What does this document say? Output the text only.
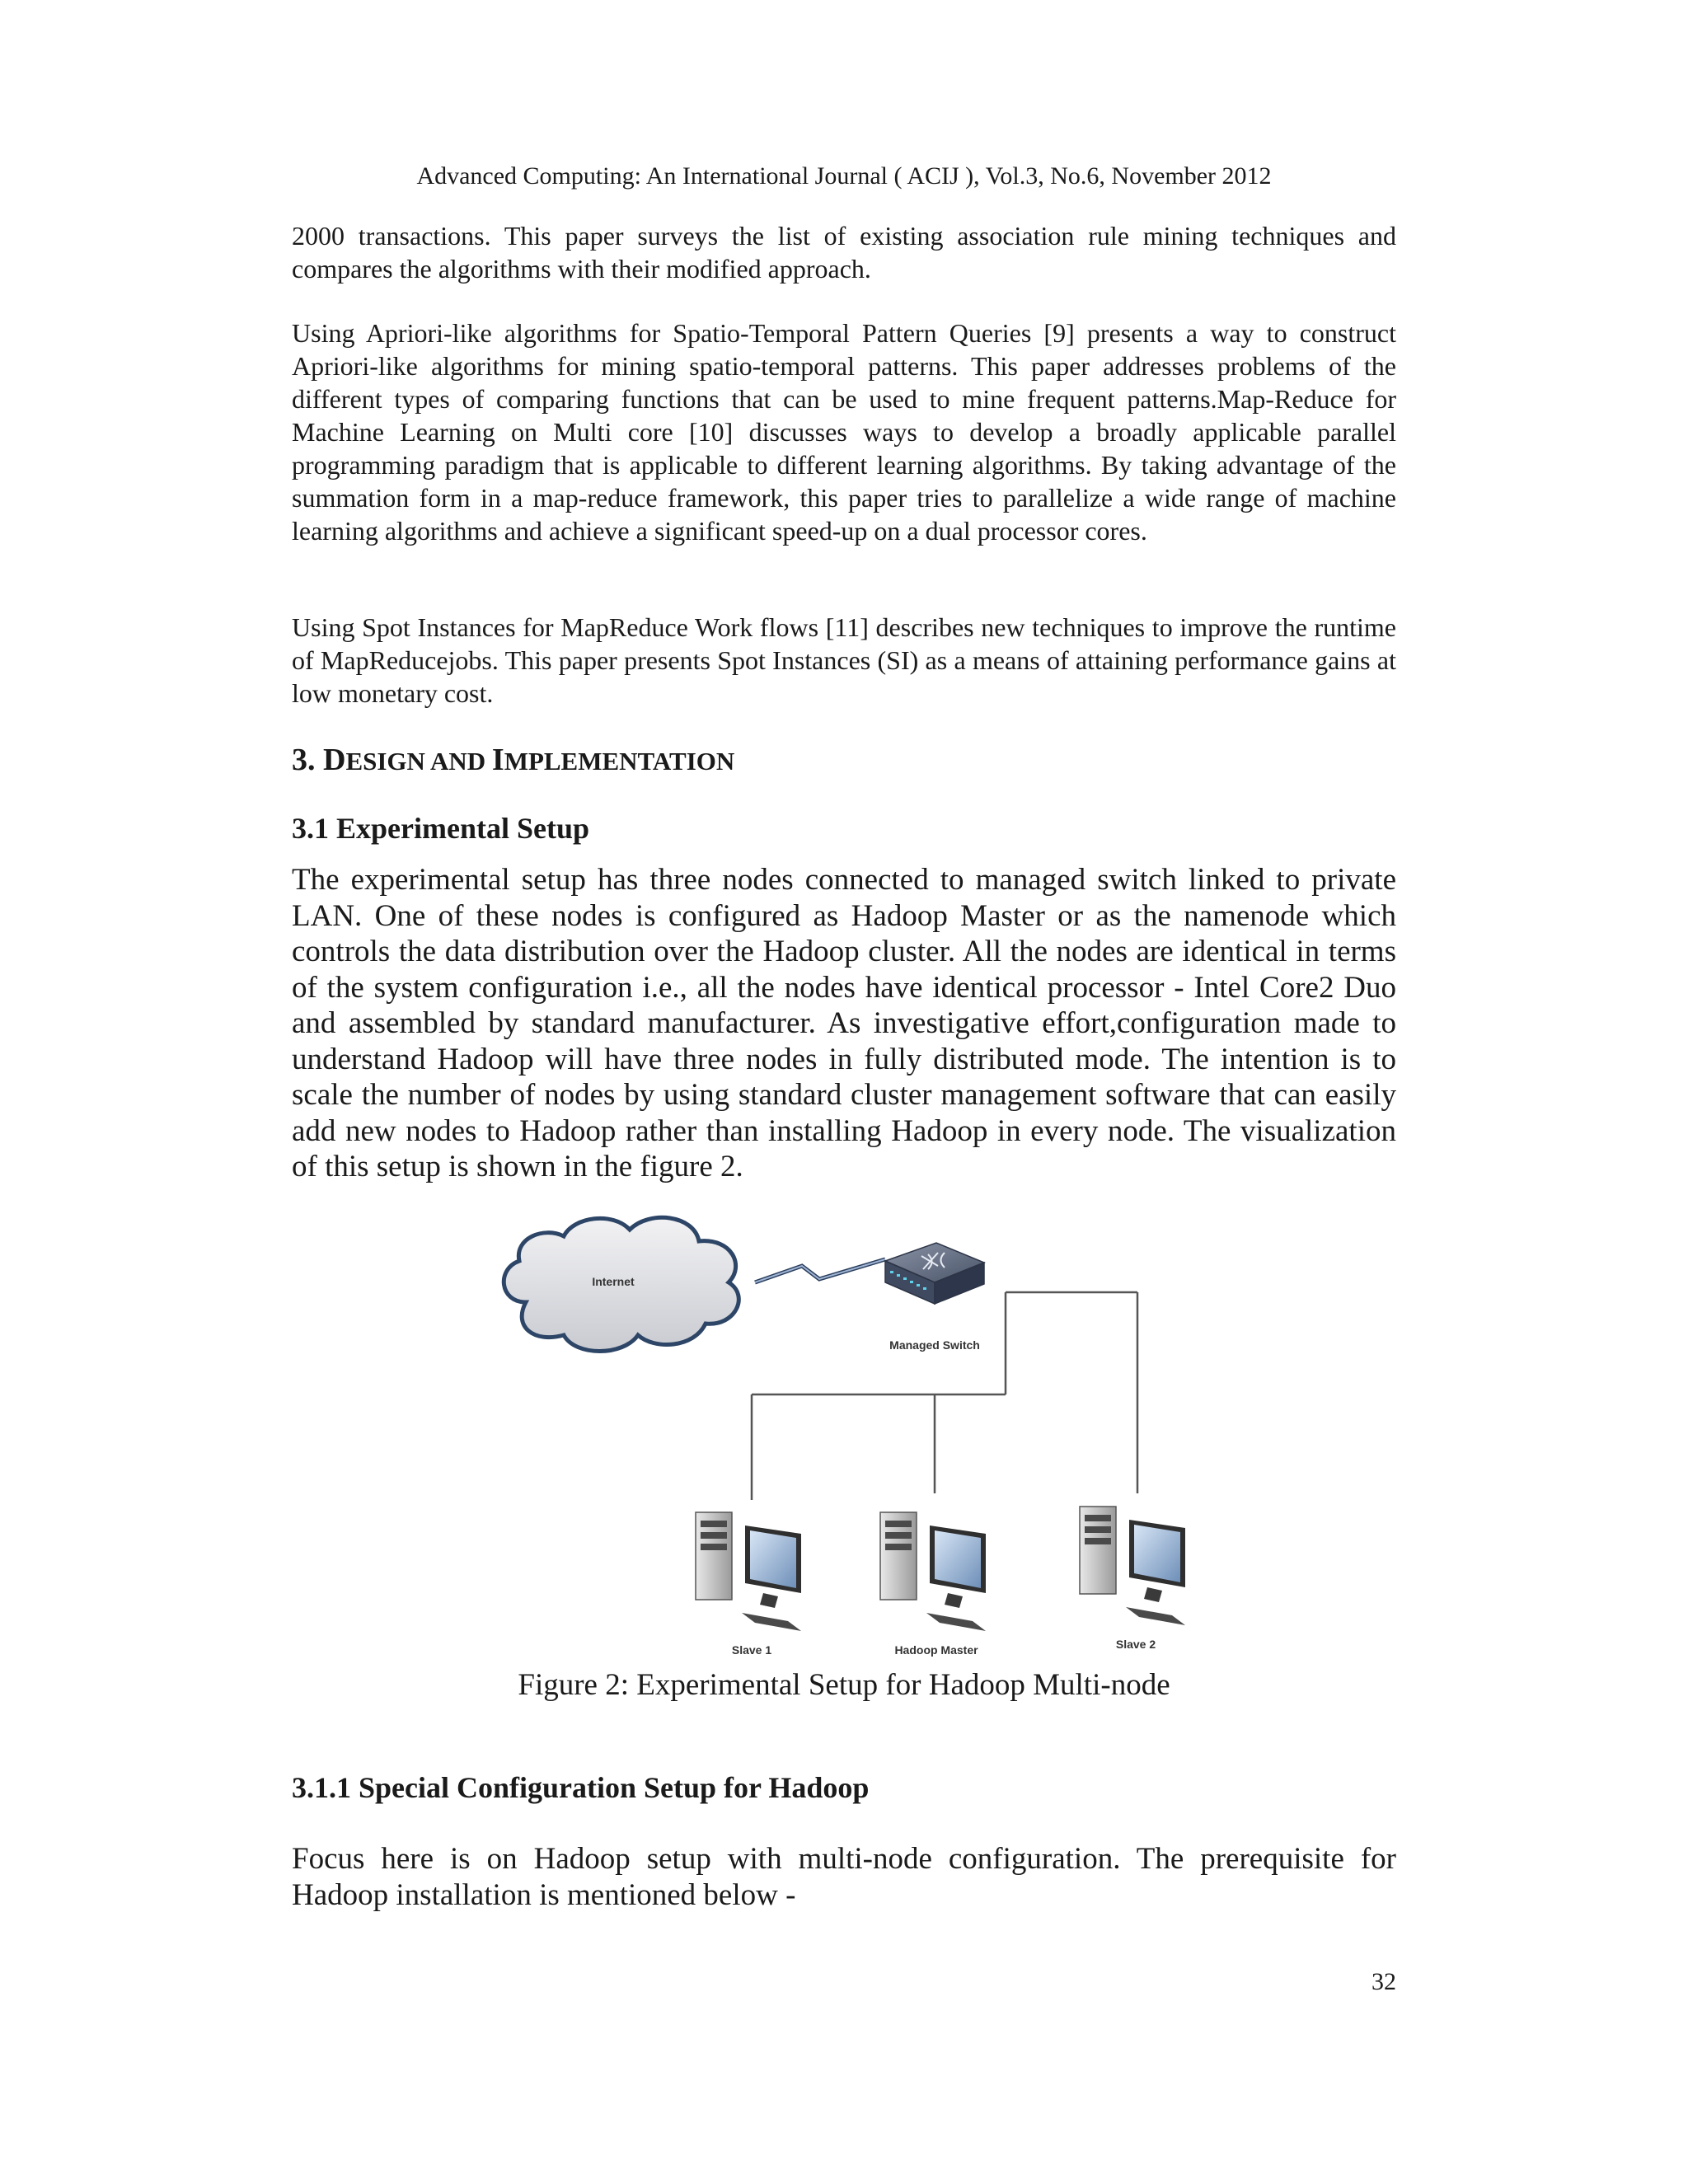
Advanced Computing: An International Journal ( ACIJ ), Vol.3, No.6, November 2012

2000 transactions. This paper surveys the list of existing association rule mining techniques and compares the algorithms with their modified approach.

Using Apriori-like algorithms for Spatio-Temporal Pattern Queries [9] presents a way to construct Apriori-like algorithms for mining spatio-temporal patterns. This paper addresses problems of the different types of comparing functions that can be used to mine frequent patterns.Map-Reduce for Machine Learning on Multi core [10] discusses ways to develop a broadly applicable parallel programming paradigm that is applicable to different learning algorithms. By taking advantage of the summation form in a map-reduce framework, this paper tries to parallelize a wide range of machine learning algorithms and achieve a significant speed-up on a dual processor cores.

Using Spot Instances for MapReduce Work flows [11] describes new techniques to improve the runtime of MapReducejobs. This paper presents Spot Instances (SI) as a means of attaining performance gains at low monetary cost.

3. DESIGN AND IMPLEMENTATION

3.1 Experimental Setup

The experimental setup has three nodes connected to managed switch linked to private LAN. One of these nodes is configured as Hadoop Master or as the namenode which controls the data distribution over the Hadoop cluster. All the nodes are identical in terms of the system configuration i.e., all the nodes have identical processor - Intel Core2 Duo and assembled by standard manufacturer. As investigative effort,configuration made to understand Hadoop will have three nodes in fully distributed mode. The intention is to scale the number of nodes by using standard cluster management software that can easily add new nodes to Hadoop rather than installing Hadoop in every node. The visualization of this setup is shown in the figure 2.

Internet
Managed Switch
Slave 1	Hadoop Master	Slave 2
Figure 2: Experimental Setup for Hadoop Multi-node

3.1.1 Special Configuration Setup for Hadoop

Focus here is on Hadoop setup with multi-node configuration. The prerequisite for Hadoop installation is mentioned below -

32
